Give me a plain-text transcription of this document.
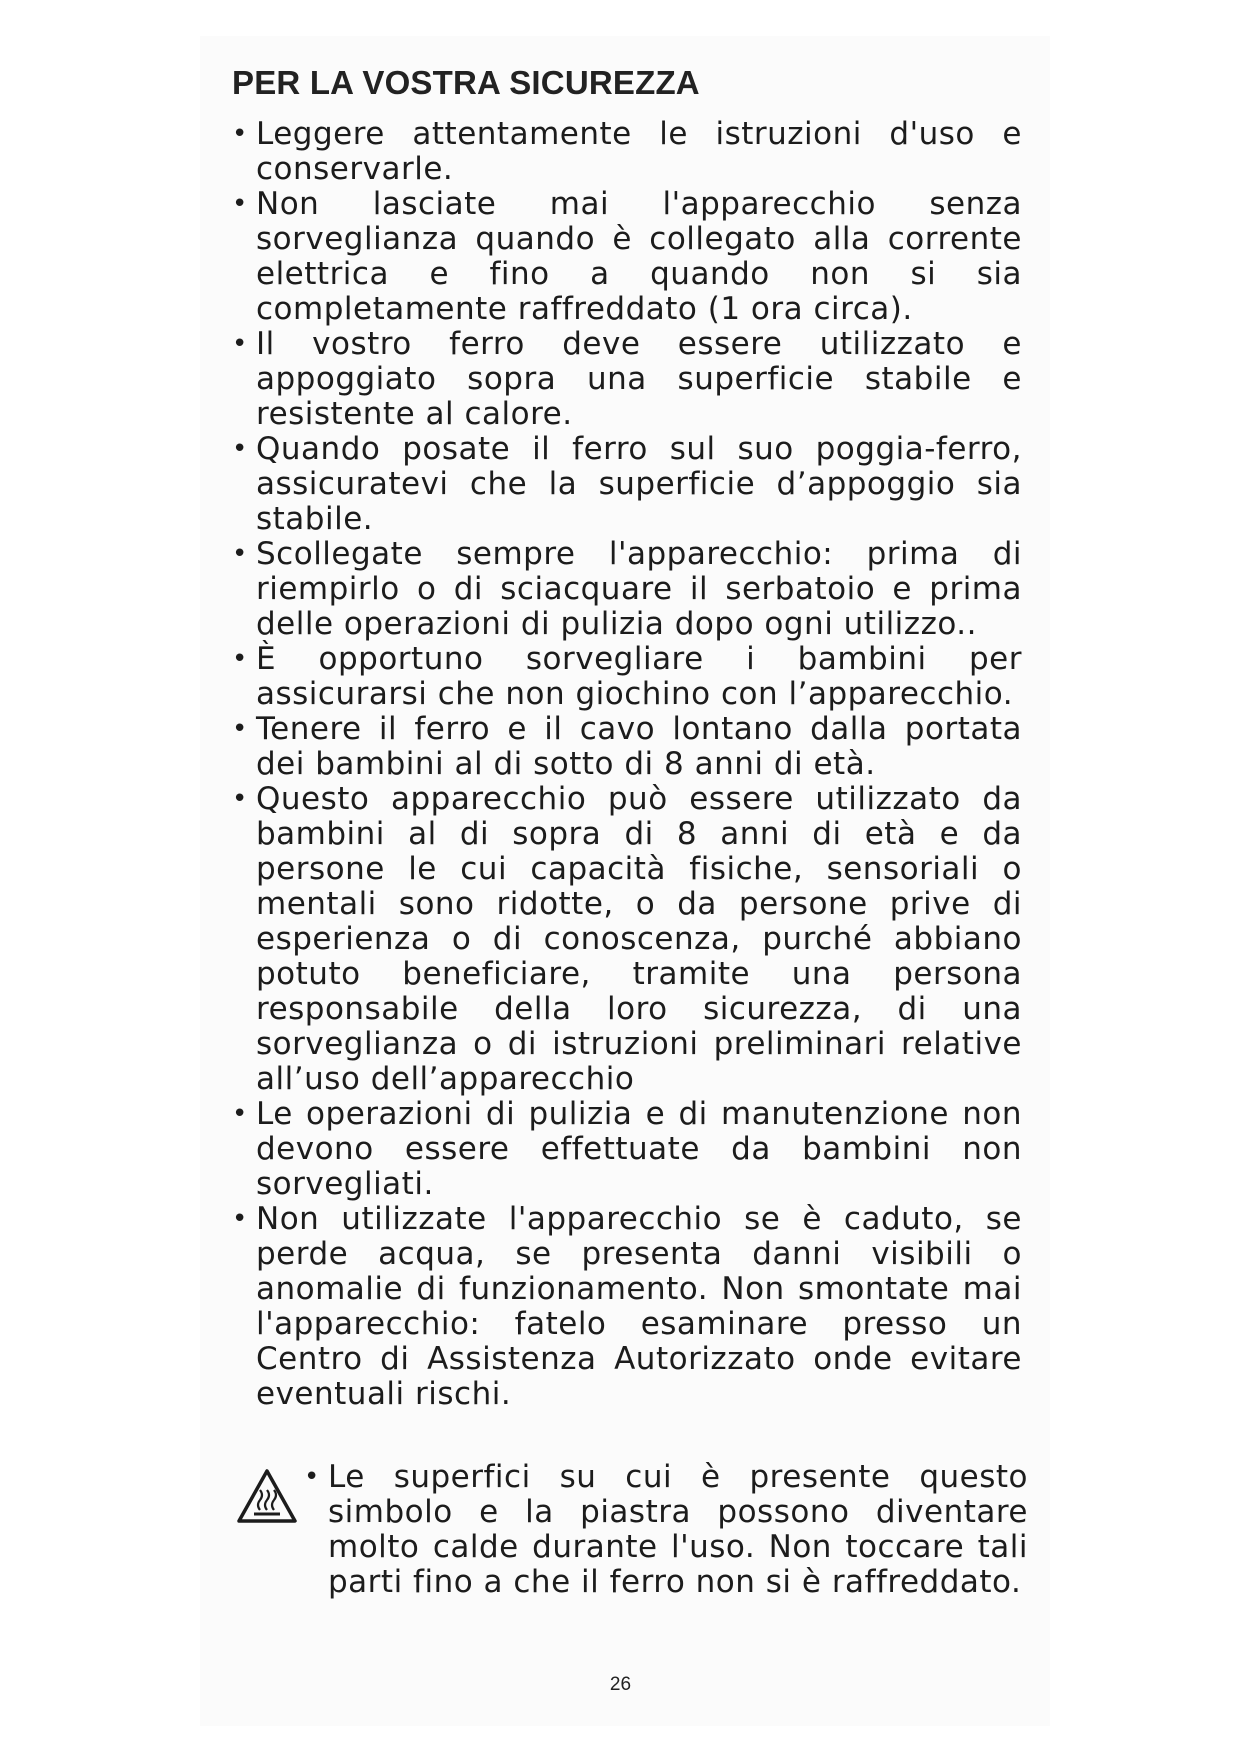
PER LA VOSTRA SICUREZZA
• Leggere attentamente le istruzioni d'uso e conservarle.
• Non lasciate mai l'apparecchio senza sorveglianza quando è collegato alla corrente elettrica e fino a quando non si sia completamente raffreddato (1 ora circa).
• Il vostro ferro deve essere utilizzato e appoggiato sopra una superficie stabile e resistente al calore.
• Quando posate il ferro sul suo poggia-ferro, assicuratevi che la superficie d’appoggio sia stabile.
• Scollegate sempre l'apparecchio: prima di riempirlo o di sciacquare il serbatoio e prima delle operazioni di pulizia dopo ogni utilizzo..
• È opportuno sorvegliare i bambini per assicurarsi che non giochino con l’apparecchio.
• Tenere il ferro e il cavo lontano dalla portata dei bambini al di sotto di 8 anni di età.
• Questo apparecchio può essere utilizzato da bambini al di sopra di 8 anni di età e da persone le cui capacità fisiche, sensoriali o mentali sono ridotte, o da persone prive di esperienza o di conoscenza, purché abbiano potuto beneficiare, tramite una persona responsabile della loro sicurezza, di una sorveglianza o di istruzioni preliminari relative all’uso dell’apparecchio
• Le operazioni di pulizia e di manutenzione non devono essere effettuate da bambini non sorvegliati.
• Non utilizzate l'apparecchio se è caduto, se perde acqua, se presenta danni visibili o anomalie di funzionamento. Non smontate mai l'apparecchio: fatelo esaminare presso un Centro di Assistenza Autorizzato onde evitare eventuali rischi.

• Le superfici su cui è presente questo simbolo e la piastra possono diventare molto calde durante l'uso. Non toccare tali parti fino a che il ferro non si è raffreddato.

26
